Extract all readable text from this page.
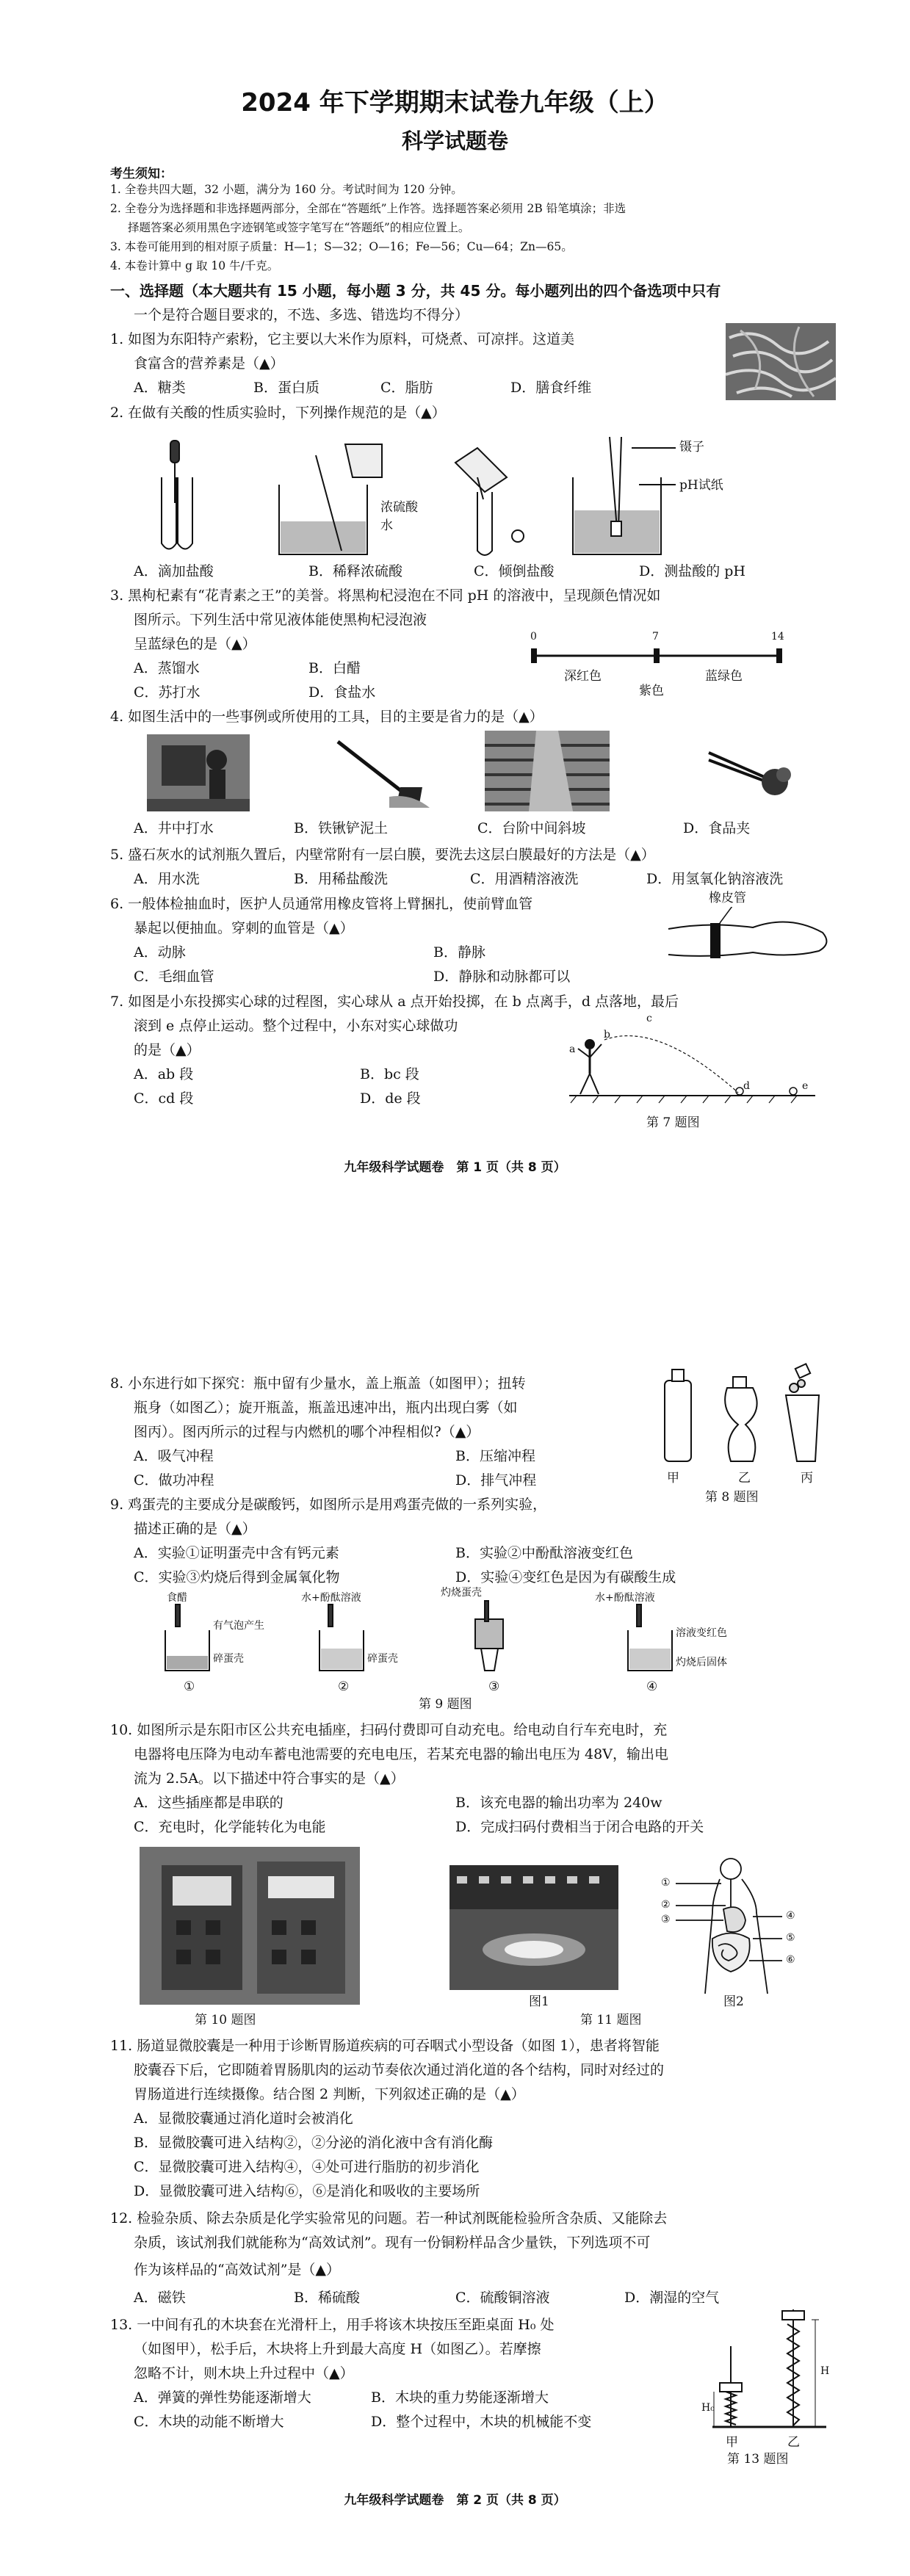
2024 年下学期期末试卷九年级（上）
科学试题卷
考生须知：
1. 全卷共四大题，32 小题，满分为 160 分。考试时间为 120 分钟。
2. 全卷分为选择题和非选择题两部分，全部在“答题纸”上作答。选择题答案必须用 2B 铅笔填涂；非选
择题答案必须用黑色字迹钢笔或签字笔写在“答题纸”的相应位置上。
3. 本卷可能用到的相对原子质量：H—1；S—32；O—16；Fe—56；Cu—64；Zn—65。
4. 本卷计算中 g 取 10 牛/千克。
一、选择题（本大题共有 15 小题，每小题 3 分，共 45 分。每小题列出的四个备选项中只有
一个是符合题目要求的，不选、多选、错选均不得分）
1. 如图为东阳特产索粉，它主要以大米作为原料，可烧煮、可凉拌。这道美
食富含的营养素是（▲）
A．糖类	B．蛋白质	C．脂肪	D．膳食纤维
2. 在做有关酸的性质实验时，下列操作规范的是（▲）
浓硫酸
水
镊子
pH试纸
A．滴加盐酸	B．稀释浓硫酸	C．倾倒盐酸	D．测盐酸的 pH
3. 黑枸杞素有“花青素之王”的美誉。将黑枸杞浸泡在不同 pH 的溶液中，呈现颜色情况如
图所示。下列生活中常见液体能使黑枸杞浸泡液
呈蓝绿色的是（▲）	0	7	14
深红色
紫色
蓝绿色
A．蒸馏水	B．白醋
C．苏打水	D．食盐水
4. 如图生活中的一些事例或所使用的工具，目的主要是省力的是（▲）
A．井中打水	B．铁锹铲泥土	C．台阶中间斜坡	D．食品夹
5. 盛石灰水的试剂瓶久置后，内壁常附有一层白膜，要洗去这层白膜最好的方法是（▲）
A．用水洗	B．用稀盐酸洗	C．用酒精溶液洗	D．用氢氧化钠溶液洗
6. 一般体检抽血时，医护人员通常用橡皮管将上臂捆扎，使前臂血管
暴起以便抽血。穿刺的血管是（▲）
A．动脉	B．静脉
C．毛细血管	D．静脉和动脉都可以
橡皮管
7. 如图是小东投掷实心球的过程图，实心球从 a 点开始投掷，在 b 点离手，d 点落地，最后
滚到 e 点停止运动。整个过程中，小东对实心球做功
的是（▲）
A．ab 段	B．bc 段
C．cd 段	D．de 段
a
b
c
d	e
第 7 题图
九年级科学试题卷　第 1 页（共 8 页）
8. 小东进行如下探究：瓶中留有少量水，盖上瓶盖（如图甲）；扭转
瓶身（如图乙）；旋开瓶盖，瓶盖迅速冲出，瓶内出现白雾（如
图丙）。图丙所示的过程与内燃机的哪个冲程相似?（▲）
A．吸气冲程	B．压缩冲程
C．做功冲程	D．排气冲程	甲	乙	丙
第 8 题图
9. 鸡蛋壳的主要成分是碳酸钙，如图所示是用鸡蛋壳做的一系列实验，
描述正确的是（▲）
A．实验①证明蛋壳中含有钙元素	B．实验②中酚酞溶液变红色
C．实验③灼烧后得到金属氧化物	D．实验④变红色是因为有碳酸生成
食醋
有气泡产生
碎蛋壳
水+酚酞溶液
碎蛋壳
灼烧蛋壳	水+酚酞溶液
溶液变红色
灼烧后固体
①	②	③	④
第 9 题图
10. 如图所示是东阳市区公共充电插座，扫码付费即可自动充电。给电动自行车充电时，充
电器将电压降为电动车蓄电池需要的充电电压，若某充电器的输出电压为 48V，输出电
流为 2.5A。以下描述中符合事实的是（▲）
A．这些插座都是串联的	B．该充电器的输出功率为 240w
C．充电时，化学能转化为电能	D．完成扫码付费相当于闭合电路的开关
第 10 题图
图1
①
②
③	④
⑤
⑥
图2
第 11 题图
11. 肠道显微胶囊是一种用于诊断胃肠道疾病的可吞咽式小型设备（如图 1），患者将智能
胶囊吞下后，它即随着胃肠肌肉的运动节奏依次通过消化道的各个结构，同时对经过的
胃肠道进行连续摄像。结合图 2 判断，下列叙述正确的是（▲）
A．显微胶囊通过消化道时会被消化
B．显微胶囊可进入结构②，②分泌的消化液中含有消化酶
C．显微胶囊可进入结构④，④处可进行脂肪的初步消化
D．显微胶囊可进入结构⑥，⑥是消化和吸收的主要场所
12. 检验杂质、除去杂质是化学实验常见的问题。若一种试剂既能检验所含杂质、又能除去
杂质，该试剂我们就能称为“高效试剂”。现有一份铜粉样品含少量铁，下列选项不可
作为该样品的“高效试剂”是（▲）
A．磁铁	B．稀硫酸	C．硫酸铜溶液	D．潮湿的空气
13. 一中间有孔的木块套在光滑杆上，用手将该木块按压至距桌面 H₀ 处
（如图甲），松手后，木块将上升到最大高度 H（如图乙）。若摩擦
忽略不计，则木块上升过程中（▲）
A．弹簧的弹性势能逐渐增大	B．木块的重力势能逐渐增大
C．木块的动能不断增大	D．整个过程中，木块的机械能不变
H₀
H
甲	乙
第 13 题图
九年级科学试题卷　第 2 页（共 8 页）
